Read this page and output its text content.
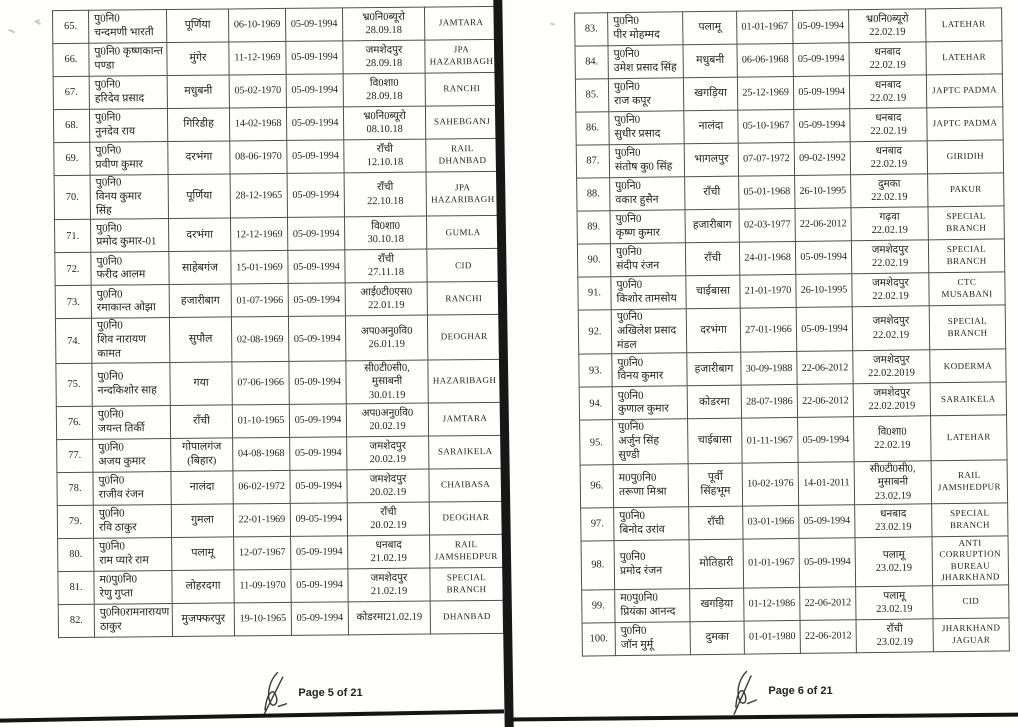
65.	पु0नि0
चन्दमणी भारती	पूर्णिया	06-10-1969	05-09-1994	भ्र0नि0ब्यूरो
28.09.18	JAMTARA
66.	पु0नि0 कृष्णकान्त
पण्डा	मुंगेर	11-12-1969	05-09-1994	जमशेदपुर
28.09.18	JPA
HAZARIBAGH
67.	पु0नि0
हरिदेव प्रसाद	मधुबनी	05-02-1970	05-09-1994	वि0शा0
28.09.18	RANCHI
68.	पु0नि0
नुनदेव राय	गिरिडीह	14-02-1968	05-09-1994	भ्र0नि0ब्यूरो
08.10.18	SAHEBGANJ
69.	पु0नि0
प्रवीण कुमार	दरभंगा	08-06-1970	05-09-1994	राँची
12.10.18	RAIL
DHANBAD
70.	पु0नि0
विनय कुमार
सिंह	पूर्णिया	28-12-1965	05-09-1994	राँची
22.10.18	JPA
HAZARIBAGH
71.	पु0नि0
प्रमोद कुमार-01	दरभंगा	12-12-1969	05-09-1994	वि0शा0
30.10.18	GUMLA
72.	पु0नि0
फरीद आलम	साहेबगंज	15-01-1969	05-09-1994	राँची
27.11.18	CID
73.	पु0नि0
रमाकान्त ओझा	हजारीबाग	01-07-1966	05-09-1994	आई0टी0एस0
22.01.19	RANCHI
74.	पु0नि0
शिव नारायण
कामत	सुपौल	02-08-1969	05-09-1994	अप0अनु0वि0
26.01.19	DEOGHAR
75.	पु0नि0
नन्दकिशोर साह	गया	07-06-1966	05-09-1994	सी0टी0सी0,
मुसाबनी
30.01.19	HAZARIBAGH
76.	पु0नि0
जयन्त तिर्की	राँची	01-10-1965	05-09-1994	अप0अनु0वि0
20.02.19	JAMTARA
77.	पु0नि0
अजय कुमार	गोपालगंज
(बिहार)	04-08-1968	05-09-1994	जमशेदपुर
20.02.19	SARAIKELA
78.	पु0नि0
राजीव रंजन	नालंदा	06-02-1972	05-09-1994	जमशेदपुर
20.02.19	CHAIBASA
79.	पु0नि0
रवि ठाकुर	गुमला	22-01-1969	09-05-1994	राँची
20.02.19	DEOGHAR
80.	पु0नि0
राम प्यारे राम	पलामू	12-07-1967	05-09-1994	धनबाद
21.02.19	RAIL
JAMSHEDPUR
81.	म0पु0नि0
रेणु गुप्ता	लोहरदगा	11-09-1970	05-09-1994	जमशेदपुर
21.02.19	SPECIAL
BRANCH
82.	पु0नि0रामनारायण
ठाकुर	मुजफ्फरपुर	19-10-1965	05-09-1994	कोडरमा21.02.19	DHANBAD
Page 5 of 21
83.	पु0नि0
पीर मोहम्मद	पलामू	01-01-1967	05-09-1994	भ्र0नि0ब्यूरो
22.02.19	LATEHAR
84.	पु0नि0
उमेश प्रसाद सिंह	मधुबनी	06-06-1968	05-09-1994	धनबाद
22.02.19	LATEHAR
85.	पु0नि0
राज कपूर	खगड़िया	25-12-1969	05-09-1994	धनबाद
22.02.19	JAPTC PADMA
86.	पु0नि0
सुधीर प्रसाद	नालंदा	05-10-1967	05-09-1994	धनबाद
22.02.19	JAPTC PADMA
87.	पु0नि0
संतोष कु0 सिंह	भागलपुर	07-07-1972	09-02-1992	धनबाद
22.02.19	GIRIDIH
88.	पु0नि0
वकार हुसैन	राँची	05-01-1968	26-10-1995	दुमका
22.02.19	PAKUR
89.	पु0नि0
कृष्ण कुमार	हजारीबाग	02-03-1977	22-06-2012	गढ़वा
22.02.19	SPECIAL
BRANCH
90.	पु0नि0
संदीप रंजन	राँची	24-01-1968	05-09-1994	जमशेदपुर
22.02.19	SPECIAL
BRANCH
91.	पु0नि0
किशोर तामसोय	चाईबासा	21-01-1970	26-10-1995	जमशेदपुर
22.02.19	CTC
MUSABANI
92.	पु0नि0
अखिलेश प्रसाद
मंडल	दरभंगा	27-01-1966	05-09-1994	जमशेदपुर
22.02.19	SPECIAL
BRANCH
93.	पु0नि0
विनय कुमार	हजारीबाग	30-09-1988	22-06-2012	जमशेदपुर
22.02.2019	KODERMA
94.	पु0नि0
कुणाल कुमार	कोडरमा	28-07-1986	22-06-2012	जमशेदपुर
22.02.2019	SARAIKELA
95.	पु0नि0
अर्जुन सिंह
सुण्डी	चाईबासा	01-11-1967	05-09-1994	वि0शा0
22.02.19	LATEHAR
96.	म0पु0नि0
तरूणा मिश्रा	पूर्वी सिंहभूम	10-02-1976	14-01-2011	सी0टी0सी0,
मुसाबनी
23.02.19	RAIL
JAMSHEDPUR
97.	पु0नि0
बिनोद उरांव	राँची	03-01-1966	05-09-1994	धनबाद
23.02.19	SPECIAL
BRANCH
98.	पु0नि0
प्रमोद रंजन	मोतिहारी	01-01-1967	05-09-1994	पलामू
23.02.19	ANTI
CORRUPTION
BUREAU
JHARKHAND
99.	म0पु0नि0
प्रियंका आनन्द	खगड़िया	01-12-1986	22-06-2012	पलामू
23.02.19	CID
100.	पु0नि0
जॉन मुर्मू	दुमका	01-01-1980	22-06-2012	राँची
23.02.19	JHARKHAND
JAGUAR
Page 6 of 21
